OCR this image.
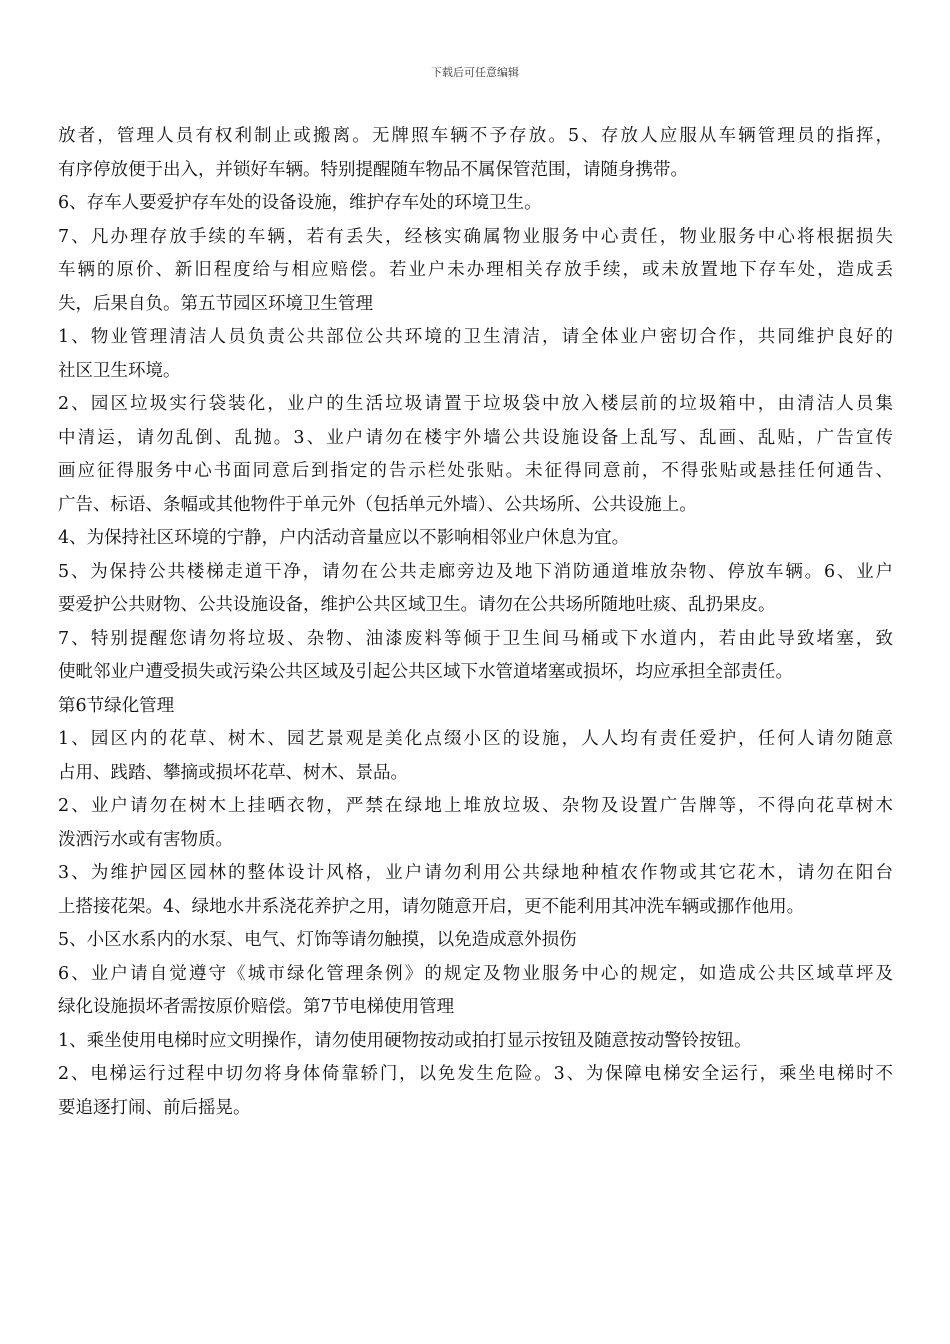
下载后可任意编辑
放者，管理人员有权利制止或搬离。无牌照车辆不予存放。5、存放人应服从车辆管理员的指挥，
有序停放便于出入，并锁好车辆。特别提醒随车物品不属保管范围，请随身携带。
6、存车人要爱护存车处的设备设施，维护存车处的环境卫生。
7、凡办理存放手续的车辆，若有丢失，经核实确属物业服务中心责任，物业服务中心将根据损失
车辆的原价、新旧程度给与相应赔偿。若业户未办理相关存放手续，或未放置地下存车处，造成丢
失，后果自负。第五节园区环境卫生管理
1、物业管理清洁人员负责公共部位公共环境的卫生清洁，请全体业户密切合作，共同维护良好的
社区卫生环境。
2、园区垃圾实行袋装化，业户的生活垃圾请置于垃圾袋中放入楼层前的垃圾箱中，由清洁人员集
中清运，请勿乱倒、乱抛。3、业户请勿在楼宇外墙公共设施设备上乱写、乱画、乱贴，广告宣传
画应征得服务中心书面同意后到指定的告示栏处张贴。未征得同意前，不得张贴或悬挂任何通告、
广告、标语、条幅或其他物件于单元外（包括单元外墙）、公共场所、公共设施上。
4、为保持社区环境的宁静，户内活动音量应以不影响相邻业户休息为宜。
5、为保持公共楼梯走道干净，请勿在公共走廊旁边及地下消防通道堆放杂物、停放车辆。6、业户
要爱护公共财物、公共设施设备，维护公共区域卫生。请勿在公共场所随地吐痰、乱扔果皮。
7、特别提醒您请勿将垃圾、杂物、油漆废料等倾于卫生间马桶或下水道内，若由此导致堵塞，致
使毗邻业户遭受损失或污染公共区域及引起公共区域下水管道堵塞或损坏，均应承担全部责任。
第6节绿化管理
1、园区内的花草、树木、园艺景观是美化点缀小区的设施，人人均有责任爱护，任何人请勿随意
占用、践踏、攀摘或损坏花草、树木、景品。
2、业户请勿在树木上挂晒衣物，严禁在绿地上堆放垃圾、杂物及设置广告牌等，不得向花草树木
泼洒污水或有害物质。
3、为维护园区园林的整体设计风格，业户请勿利用公共绿地种植农作物或其它花木，请勿在阳台
上搭接花架。4、绿地水井系浇花养护之用，请勿随意开启，更不能利用其冲洗车辆或挪作他用。
5、小区水系内的水泵、电气、灯饰等请勿触摸，以免造成意外损伤
6、业户请自觉遵守《城市绿化管理条例》的规定及物业服务中心的规定，如造成公共区域草坪及
绿化设施损坏者需按原价赔偿。第7节电梯使用管理
1、乘坐使用电梯时应文明操作，请勿使用硬物按动或拍打显示按钮及随意按动警铃按钮。
2、电梯运行过程中切勿将身体倚靠轿门，以免发生危险。3、为保障电梯安全运行，乘坐电梯时不
要追逐打闹、前后摇晃。
